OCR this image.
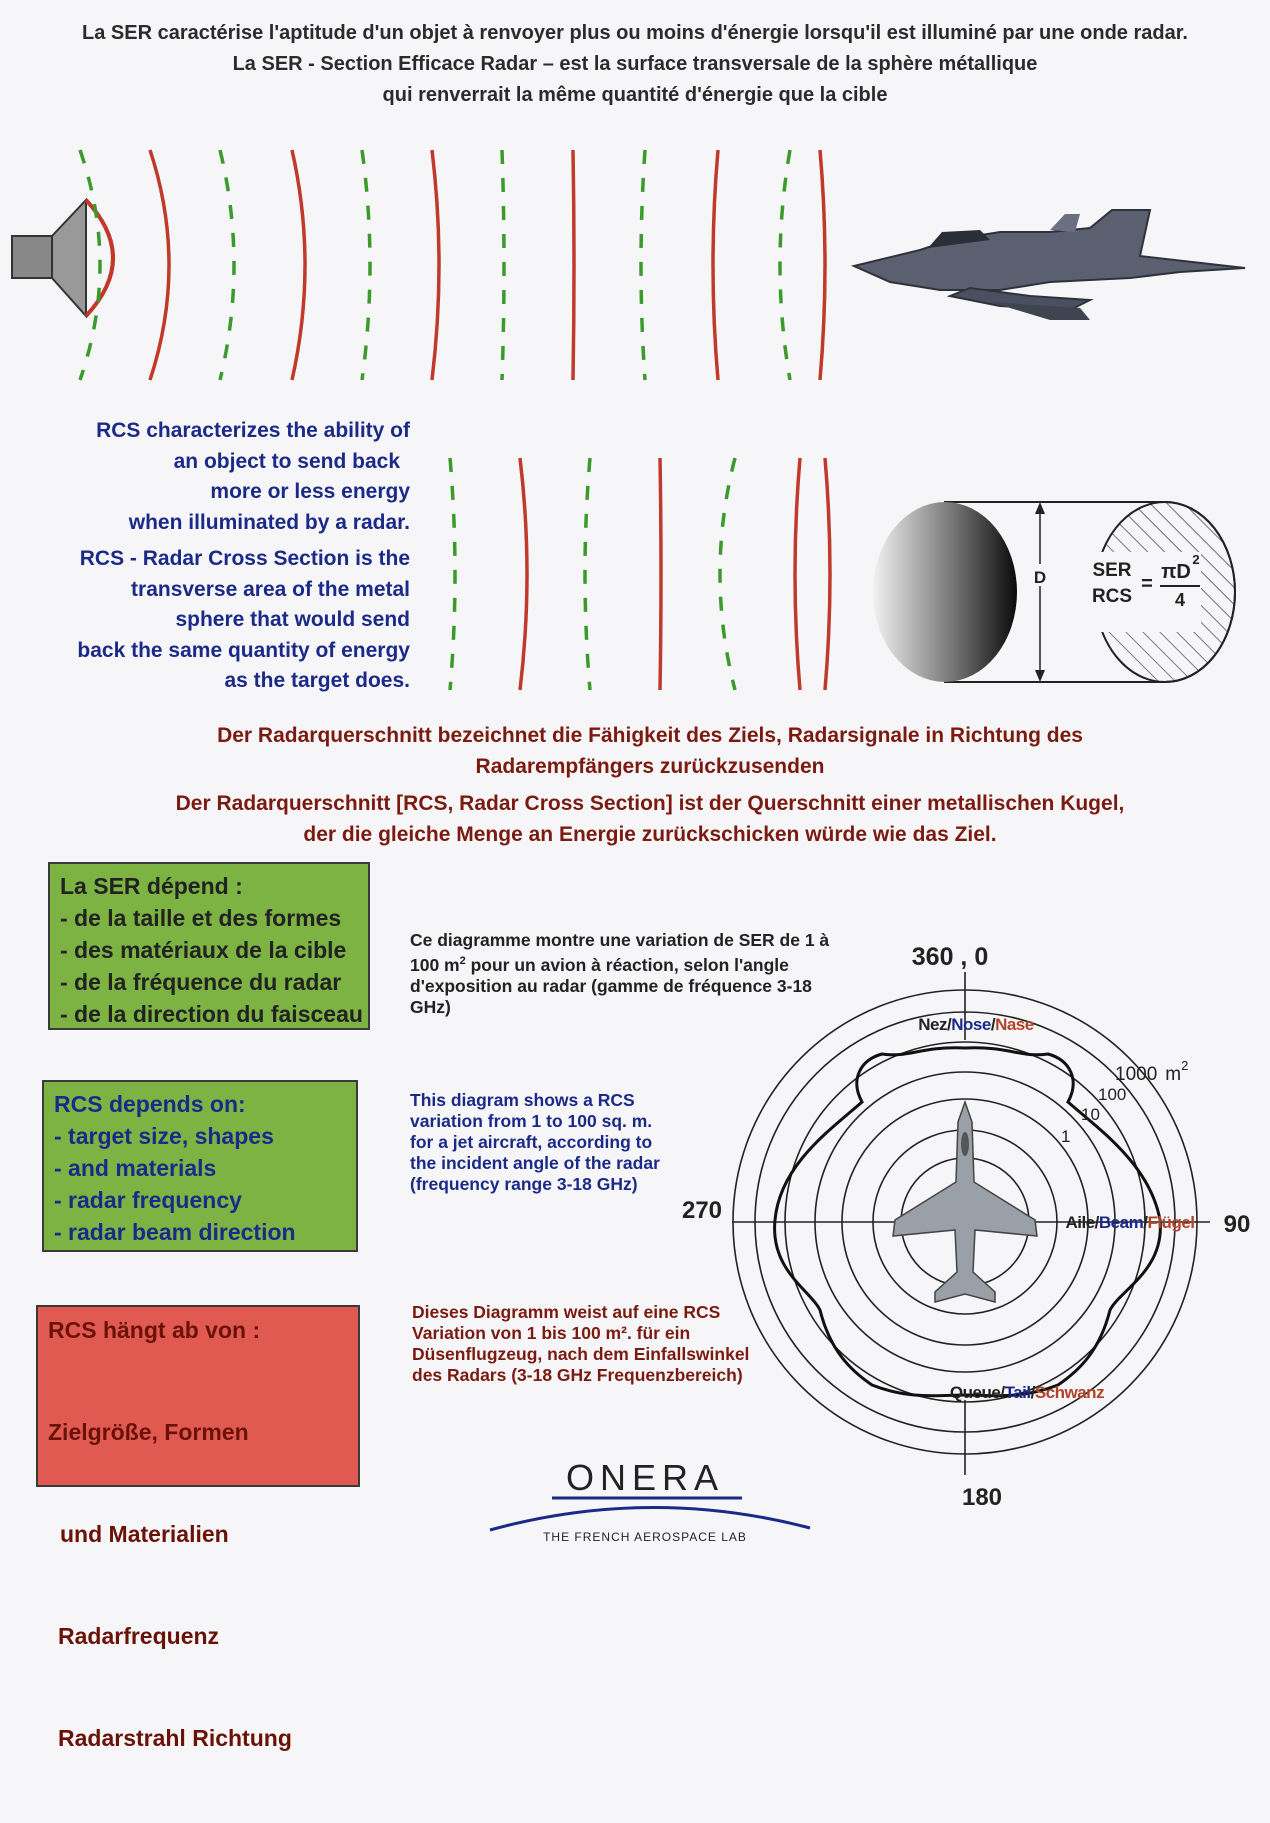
La SER caractérise l'aptitude d'un objet à renvoyer plus ou moins d'énergie lorsqu'il est illuminé par une onde radar.
La SER - Section Efficace Radar – est la surface transversale de la sphère métallique
qui renverrait la même quantité d'énergie que la cible
RCS characterizes the ability of
an object to send back
more or less energy
when illuminated by a radar.
RCS - Radar Cross Section is the
transverse area of the metal
sphere that would send
back the same quantity of energy
as the target does.
D SER
RCS
=
πD
2
4
Der Radarquerschnitt bezeichnet die Fähigkeit des Ziels, Radarsignale in Richtung des
Radarempfängers zurückzusenden
Der Radarquerschnitt [RCS, Radar Cross Section] ist der Querschnitt einer metallischen Kugel,
der die gleiche Menge an Energie zurückschicken würde wie das Ziel.
La SER dépend :
- de la taille et des formes
- des matériaux de la cible
- de la fréquence du radar
- de la direction du faisceau
RCS depends on:
- target size, shapes
- and materials
- radar frequency
- radar beam direction
RCS hängt ab von :

Zielgröße, Formen

und Materialien

Radarfrequenz

Radarstrahl Richtung

Ce diagramme montre une variation de SER de 1 à
100 $m^2$ pour un avion à réaction, selon l'angle
d'exposition au radar (gamme de fréquence 3-18
GHz)
This diagram shows a RCS variation from 1 to 100 sq. m. for a jet aircraft, according to the incident angle of the radar (frequency range 3-18 GHz)
Dieses Diagramm weist auf eine RCS Variation von 1 bis 100 m². für ein Düsenflugzeug, nach dem Einfallswinkel des Radars (3-18 GHz Frequenzbereich)
360 , 0
90
180
270
Nez/Nose/Nase
Aile/Beam/Flügel
Queue/Tail/Schwanz
1
10
100
1000 $m^2$
ONERA
THE FRENCH AEROSPACE LAB
